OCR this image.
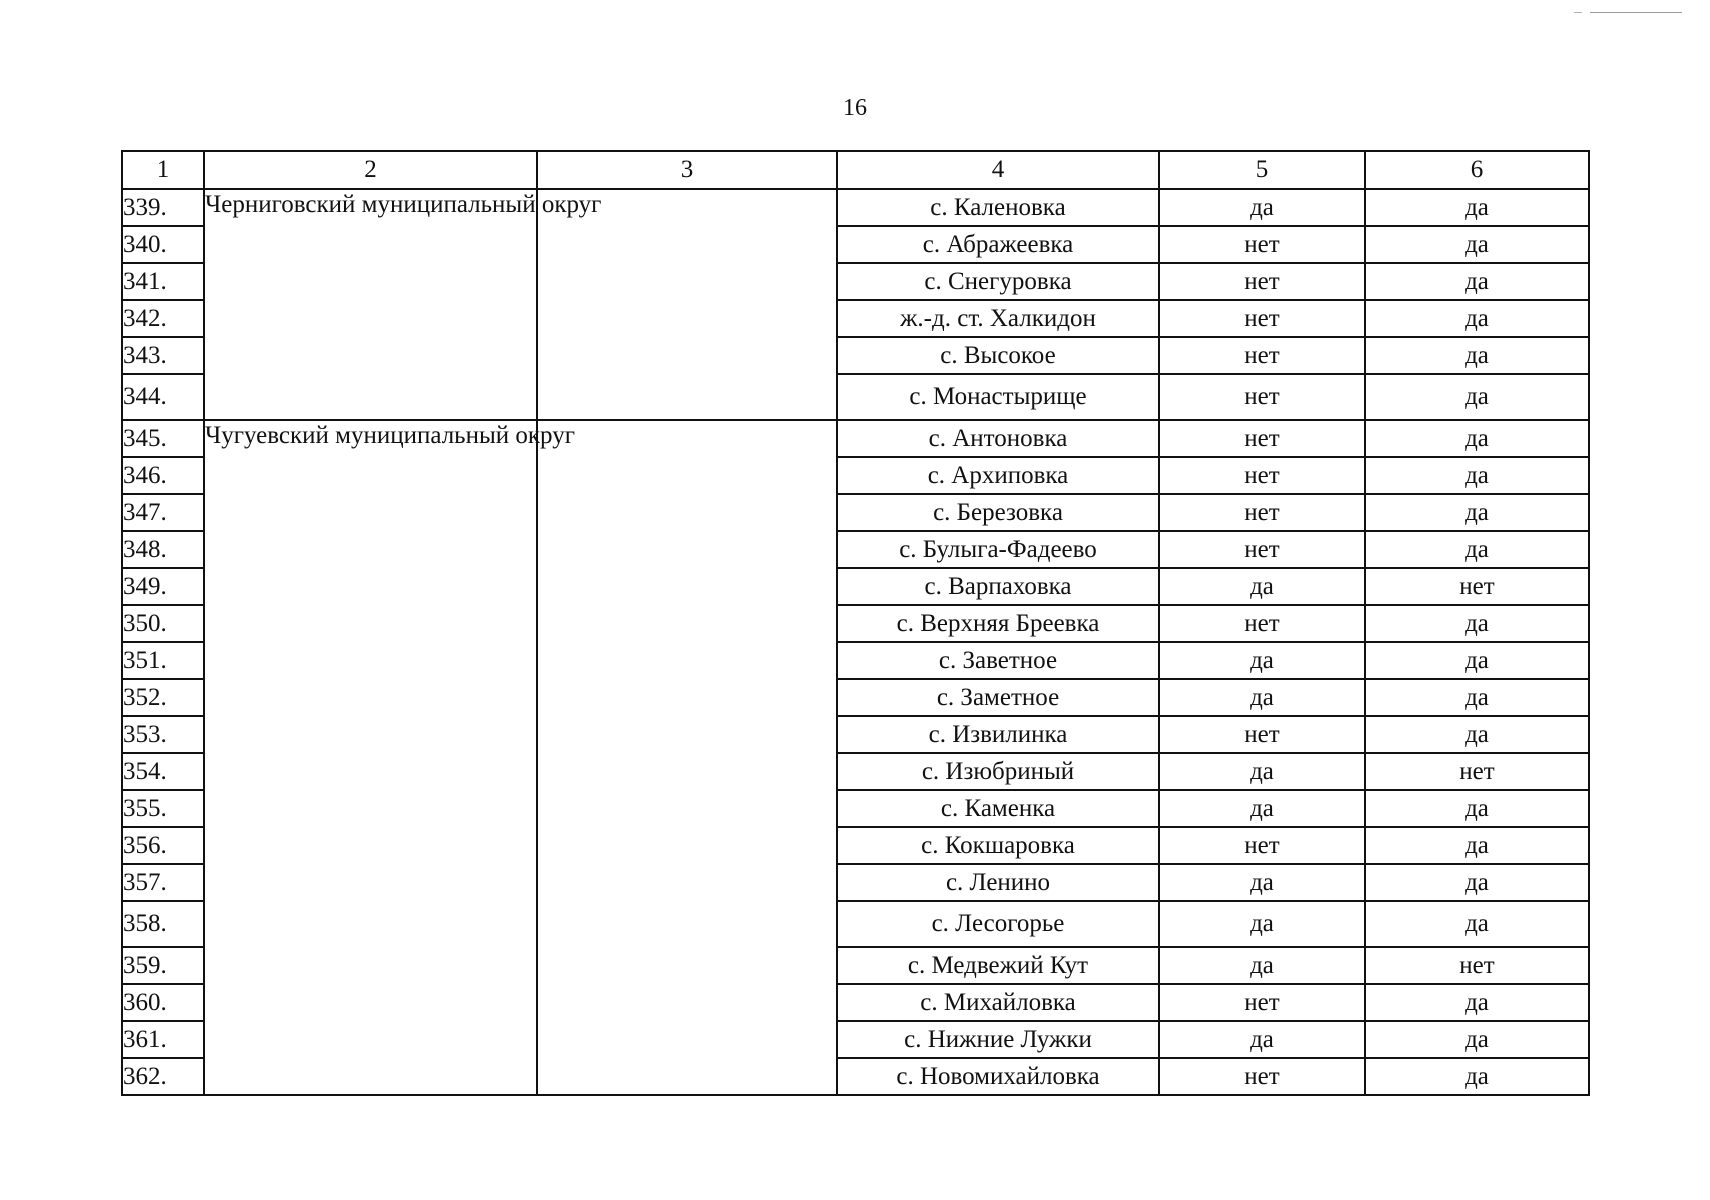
16
1	2	3	4	5	6
339.	Черниговский муниципальный округ		с. Каленовка	да	да
340.			с. Абражеевка	нет	да
341.			с. Снегуровка	нет	да
342.			ж.-д. ст. Халкидон	нет	да
343.			с. Высокое	нет	да
344.			с. Монастырище	нет	да
345.	Чугуевский муниципальный округ		с. Антоновка	нет	да
346.			с. Архиповка	нет	да
347.			с. Березовка	нет	да
348.			с. Булыга-Фадеево	нет	да
349.			с. Варпаховка	да	нет
350.			с. Верхняя Бреевка	нет	да
351.			с. Заветное	да	да
352.			с. Заметное	да	да
353.			с. Извилинка	нет	да
354.			с. Изюбриный	да	нет
355.			с. Каменка	да	да
356.			с. Кокшаровка	нет	да
357.			с. Ленино	да	да
358.			с. Лесогорье	да	да
359.			с. Медвежий Кут	да	нет
360.			с. Михайловка	нет	да
361.			с. Нижние Лужки	да	да
362.			с. Новомихайловка	нет	да
